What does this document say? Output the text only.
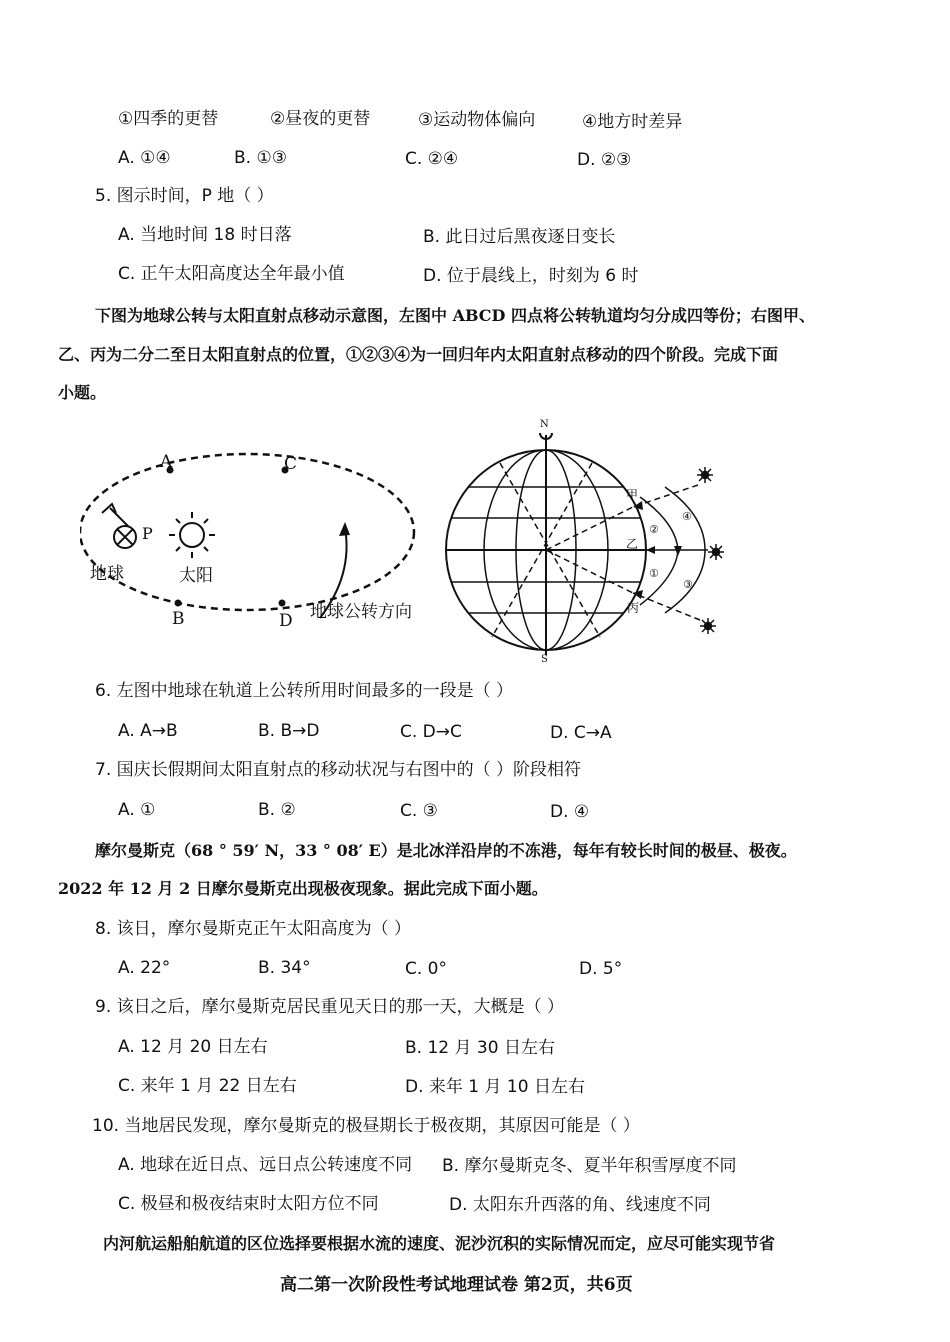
①四季的更替	②昼夜的更替	③运动物体偏向	④地方时差异
A. ①④	B. ①③	C. ②④	D. ②③
5. 图示时间，P 地（ ）
A. 当地时间 18 时日落	B. 此日过后黑夜逐日变长
C. 正午太阳高度达全年最小值	D. 位于晨线上，时刻为 6 时
下图为地球公转与太阳直射点移动示意图，左图中 ABCD 四点将公转轨道均匀分成四等份；右图甲、
乙、丙为二分二至日太阳直射点的位置，①②③④为一回归年内太阳直射点移动的四个阶段。完成下面
小题。
A
B
C
D
P
地球	太阳
地球公转方向
N
S
甲
乙
丙
①
②
③
④
6. 左图中地球在轨道上公转所用时间最多的一段是（ ）
A. A→B	B. B→D	C. D→C	D. C→A
7. 国庆长假期间太阳直射点的移动状况与右图中的（ ）阶段相符
A. ①	B. ②	C. ③	D. ④
摩尔曼斯克（68 ° 59′ N，33 ° 08′ E）是北冰洋沿岸的不冻港，每年有较长时间的极昼、极夜。
2022 年 12 月 2 日摩尔曼斯克出现极夜现象。据此完成下面小题。
8. 该日，摩尔曼斯克正午太阳高度为（ ）
A. 22°	B. 34°	C. 0°	D. 5°
9. 该日之后，摩尔曼斯克居民重见天日的那一天，大概是（ ）
A. 12 月 20 日左右	B. 12 月 30 日左右
C. 来年 1 月 22 日左右	D. 来年 1 月 10 日左右
10. 当地居民发现，摩尔曼斯克的极昼期长于极夜期，其原因可能是（ ）
A. 地球在近日点、远日点公转速度不同 B. 摩尔曼斯克冬、夏半年积雪厚度不同
C. 极昼和极夜结束时太阳方位不同	D. 太阳东升西落的角、线速度不同
内河航运船舶航道的区位选择要根据水流的速度、泥沙沉积的实际情况而定，应尽可能实现节省
高二第一次阶段性考试地理试卷 第2页，共6页
